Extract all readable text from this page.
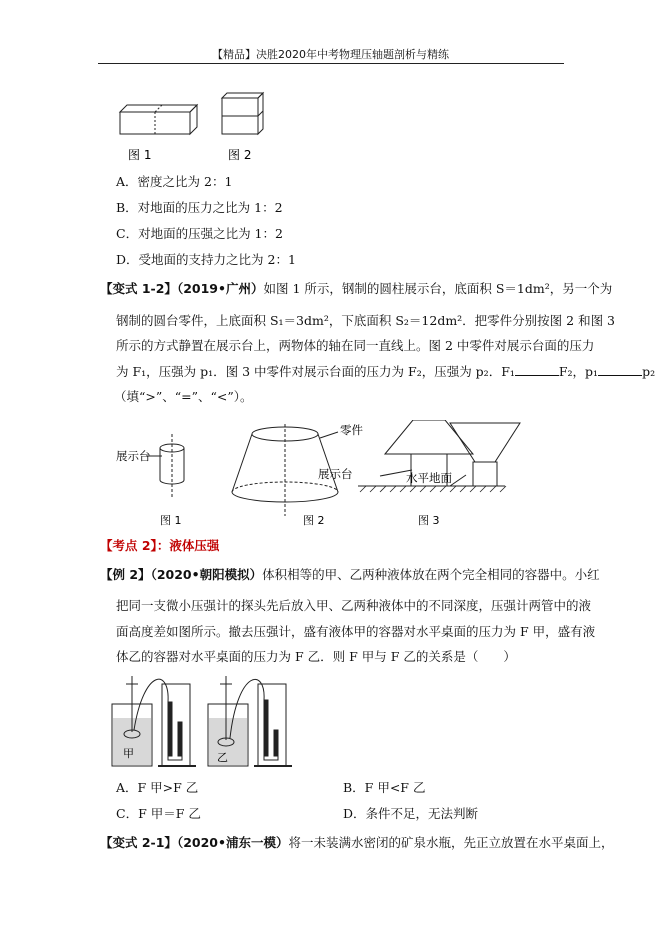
【精品】决胜2020年中考物理压轴题剖析与精练
图 1	图 2
A．密度之比为 2：1
B．对地面的压力之比为 1：2
C．对地面的压强之比为 1：2
D．受地面的支持力之比为 2：1
【变式 1-2】（2019•广州）如图 1 所示，钢制的圆柱展示台，底面积 S＝1dm²，另一个为
钢制的圆台零件，上底面积 S₁＝3dm²，下底面积 S₂＝12dm²．把零件分别按图 2 和图 3
所示的方式静置在展示台上，两物体的轴在同一直线上。图 2 中零件对展示台面的压力
为 F₁，压强为 p₁．图 3 中零件对展示台面的压力为 F₂，压强为 p₂．F₁	F₂，p₁	p₂
（填“>”、“=”、“<”）。
展示台
零件
展示台	水平地面
图 1	图 2	图 3
【考点 2】：液体压强
【例 2】（2020•朝阳模拟）体积相等的甲、乙两种液体放在两个完全相同的容器中。小红
把同一支微小压强计的探头先后放入甲、乙两种液体中的不同深度，压强计两管中的液
面高度差如图所示。撤去压强计，盛有液体甲的容器对水平桌面的压力为 F 甲，盛有液
体乙的容器对水平桌面的压力为 F 乙．则 F 甲与 F 乙的关系是（　　）
甲	乙
A．F 甲>F 乙	B．F 甲<F 乙
C．F 甲＝F 乙	D．条件不足，无法判断
【变式 2-1】（2020•浦东一模）将一未装满水密闭的矿泉水瓶，先正立放置在水平桌面上，
